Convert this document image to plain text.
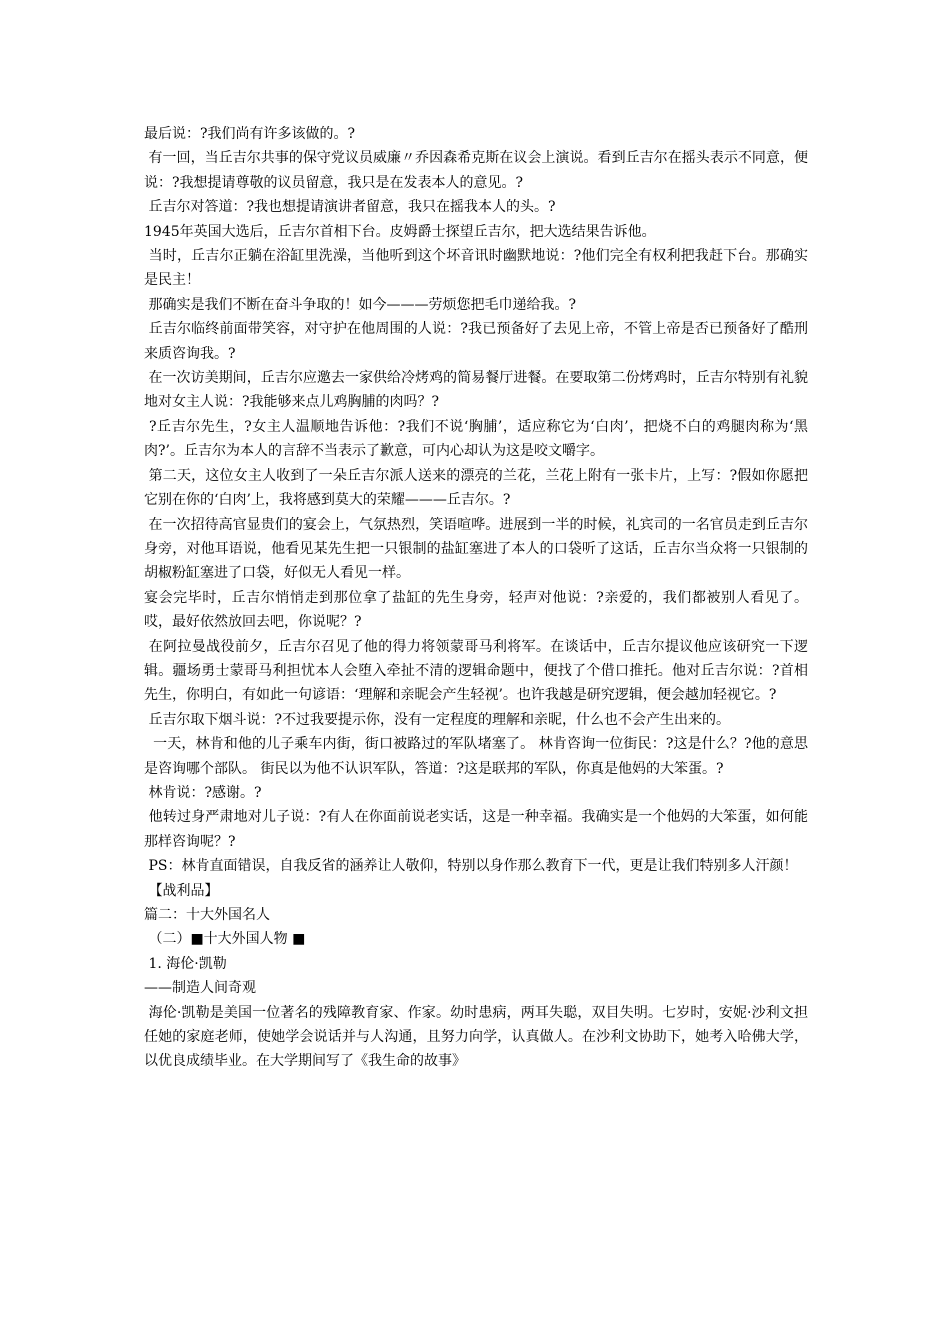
最后说：?我们尚有许多该做的。?

有一回，当丘吉尔共事的保守党议员威廉〃乔因森希克斯在议会上演说。看到丘吉尔在摇头表示不同意，便说：?我想提请尊敬的议员留意，我只是在发表本人的意见。?

丘吉尔对答道：?我也想提请演讲者留意，我只在摇我本人的头。?

1945年英国大选后，丘吉尔首相下台。皮姆爵士探望丘吉尔，把大选结果告诉他。

当时，丘吉尔正躺在浴缸里洗澡，当他听到这个坏音讯时幽默地说：?他们完全有权利把我赶下台。那确实是民主！

那确实是我们不断在奋斗争取的！如今———劳烦您把毛巾递给我。?

丘吉尔临终前面带笑容，对守护在他周围的人说：?我已预备好了去见上帝，不管上帝是否已预备好了酷刑来质咨询我。?

在一次访美期间，丘吉尔应邀去一家供给冷烤鸡的简易餐厅进餐。在要取第二份烤鸡时，丘吉尔特别有礼貌地对女主人说：?我能够来点儿鸡胸脯的肉吗？?

?丘吉尔先生，?女主人温顺地告诉他：?我们不说‘胸脯’，适应称它为‘白肉’，把烧不白的鸡腿肉称为‘黑肉?’。丘吉尔为本人的言辞不当表示了歉意，可内心却认为这是咬文嚼字。

第二天，这位女主人收到了一朵丘吉尔派人送来的漂亮的兰花，兰花上附有一张卡片，上写：?假如你愿把它别在你的‘白肉’上，我将感到莫大的荣耀———丘吉尔。?

在一次招待高官显贵们的宴会上，气氛热烈，笑语喧哗。进展到一半的时候，礼宾司的一名官员走到丘吉尔身旁，对他耳语说，他看见某先生把一只银制的盐缸塞进了本人的口袋听了这话，丘吉尔当众将一只银制的胡椒粉缸塞进了口袋，好似无人看见一样。

宴会完毕时，丘吉尔悄悄走到那位拿了盐缸的先生身旁，轻声对他说：?亲爱的，我们都被别人看见了。哎，最好依然放回去吧，你说呢？?

在阿拉曼战役前夕，丘吉尔召见了他的得力将领蒙哥马利将军。在谈话中，丘吉尔提议他应该研究一下逻辑。疆场勇士蒙哥马利担忧本人会堕入牵扯不清的逻辑命题中，便找了个借口推托。他对丘吉尔说：?首相先生，你明白，有如此一句谚语：‘理解和亲昵会产生轻视’。也许我越是研究逻辑，便会越加轻视它。?

丘吉尔取下烟斗说：?不过我要提示你，没有一定程度的理解和亲昵，什么也不会产生出来的。

一天，林肯和他的儿子乘车内街，街口被路过的军队堵塞了。 林肯咨询一位街民：?这是什么？?他的意思是咨询哪个部队。 街民以为他不认识军队，答道：?这是联邦的军队，你真是他妈的大笨蛋。?

林肯说：?感谢。?

他转过身严肃地对儿子说：?有人在你面前说老实话，这是一种幸福。我确实是一个他妈的大笨蛋，如何能那样咨询呢？?

PS：林肯直面错误，自我反省的涵养让人敬仰，特别以身作那么教育下一代，更是让我们特别多人汗颜！

【战利品】

篇二：十大外国名人

（二）■十大外国人物 ■

1. 海伦·凯勒

——制造人间奇观

海伦·凯勒是美国一位著名的残障教育家、作家。幼时患病，两耳失聪，双目失明。七岁时，安妮·沙利文担任她的家庭老师，使她学会说话并与人沟通，且努力向学，认真做人。在沙利文协助下，她考入哈佛大学，以优良成绩毕业。在大学期间写了《我生命的故事》
